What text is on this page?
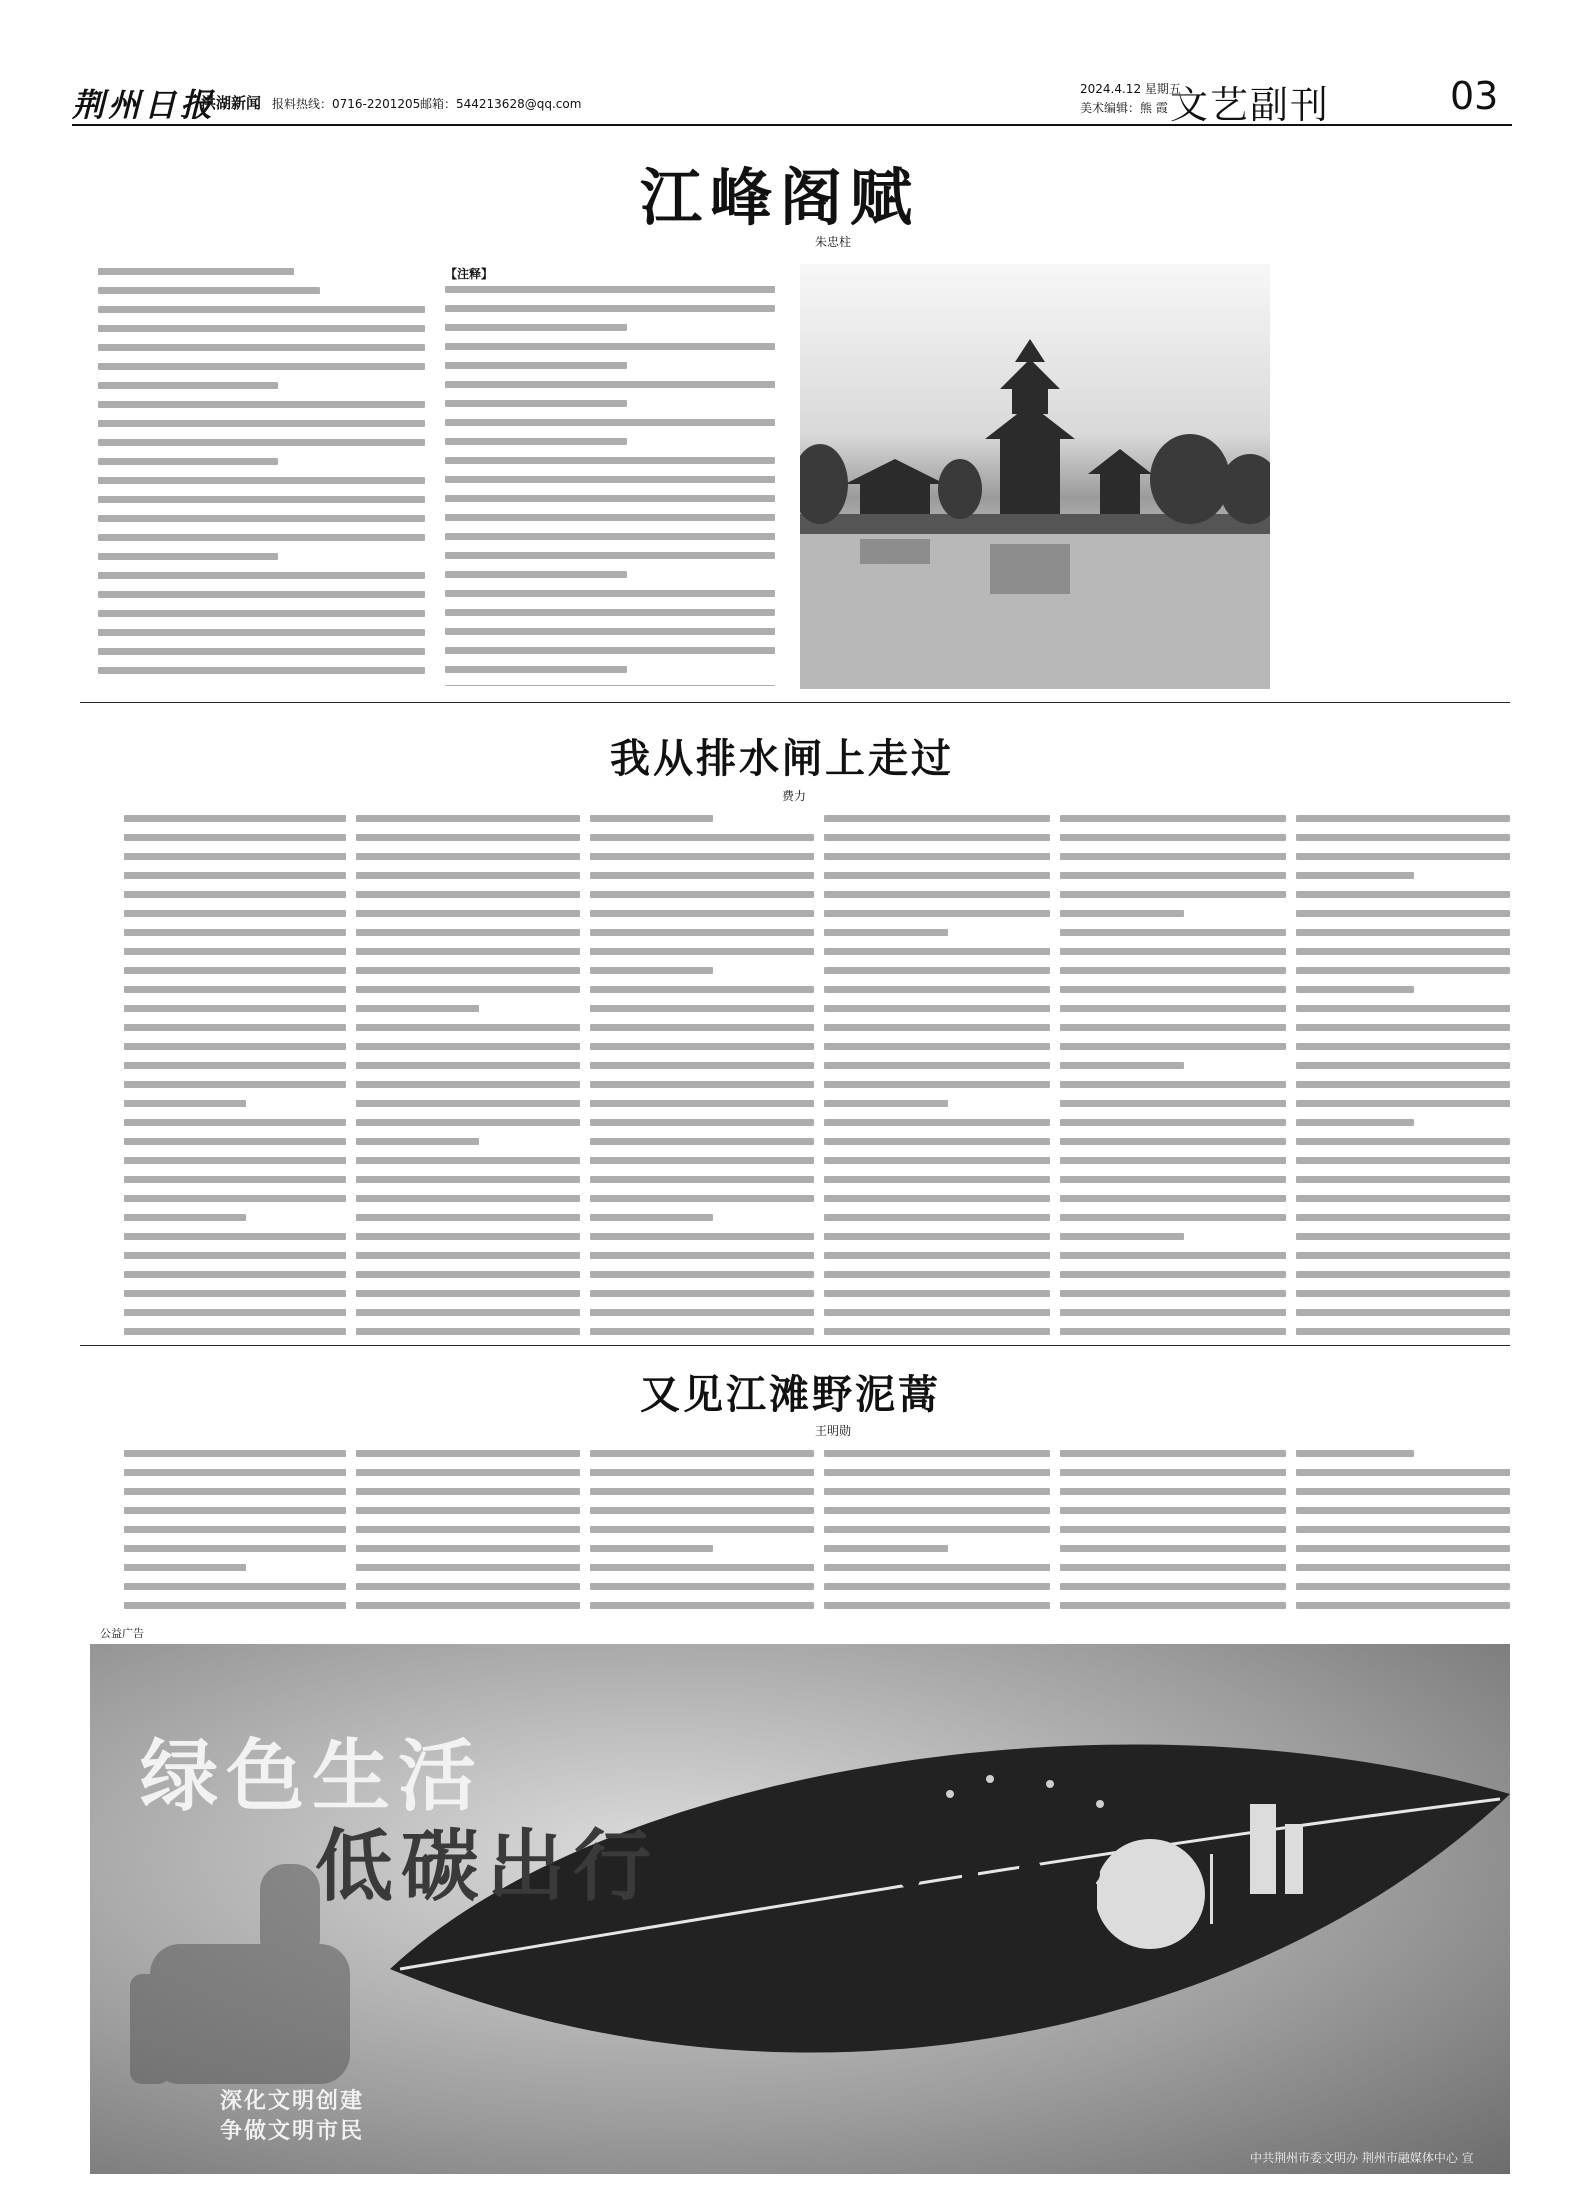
荆州日报
洪湖新闻 报料热线：0716-2201205 邮箱：544213628@qq.com
2024.4.12 星期五
美术编辑：熊 霞 文艺副刊	03
江峰阁赋
朱忠柱
【注释】
我从排水闸上走过
费力
又见江滩野泥蒿
王明勋
公益广告
绿色生活
低碳出行
深化文明创建
争做文明市民
中共荆州市委文明办 荆州市融媒体中心 宣
